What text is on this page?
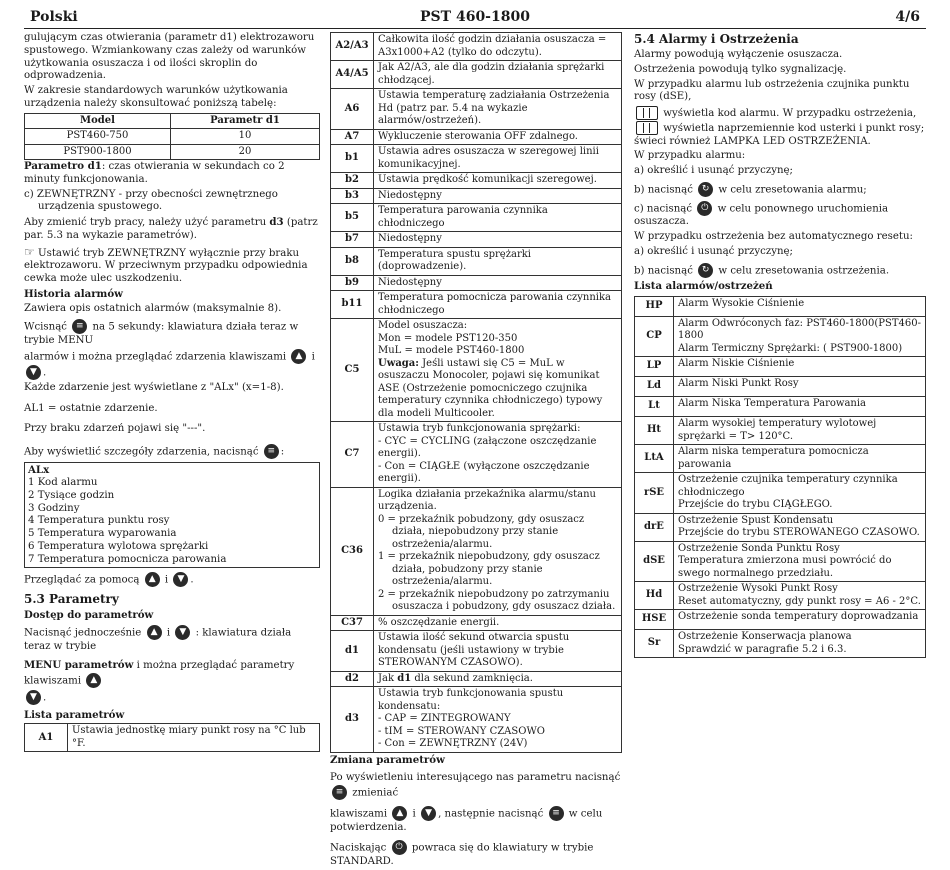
Polski	PST 460-1800	4/6

gulującym czas otwierania (parametr d1) elektrozaworu spustowego. Wzmiankowany czas zależy od warunków użytkowania osuszacza i od ilości skroplin do odprowadzenia.

W zakresie standardowych warunków użytkowania urządzenia należy skonsultować poniższą tabelę:

Model	Parametr d1
PST460-750	10
PST900-1800	20

Parametro d1: czas otwierania w sekundach co 2 minuty funkcjonowania.

c) ZEWNĘTRZNY - przy obecności zewnętrznego urządzenia spustowego.

Aby zmienić tryb pracy, należy użyć parametru d3 (patrz par. 5.3 na wykazie parametrów).

☞ Ustawić tryb ZEWNĘTRZNY wyłącznie przy braku elektrozaworu. W przeciwnym przypadku odpowiednia cewka może ulec uszkodzeniu.

Historia alarmów

Zawiera opis ostatnich alarmów (maksymalnie 8).

Wcisnąć ≡ na 5 sekundy: klawiatura działa teraz w trybie MENU

alarmów i można przeglądać zdarzenia klawiszami ▲ i ▼ .

Każde zdarzenie jest wyświetlane z "ALx" (x=1-8).

AL1 = ostatnie zdarzenie.

Przy braku zdarzeń pojawi się "---".

Aby wyświetlić szczegóły zdarzenia, nacisnąć ≡ :

ALx
1 Kod alarmu
2 Tysiące godzin
3 Godziny
4 Temperatura punktu rosy
5 Temperatura wyparowania
6 Temperatura wylotowa sprężarki
7 Temperatura pomocnicza parowania

Przeglądać za pomocą ▲ i ▼ .

5.3 Parametry

Dostęp do parametrów

Nacisnąć jednocześnie ▲ i ▼ : klawiatura działa teraz w trybie

MENU parametrów i można przeglądać parametry klawiszami ▲

▼ .

Lista parametrów

A1	Ustawia jednostkę miary punkt rosy na °C lub °F.
A2/A3	Całkowita ilość godzin działania osuszacza = A3x1000+A2 (tylko do odczytu).
A4/A5	Jak A2/A3, ale dla godzin działania sprężarki chłodzącej.
A6	Ustawia temperaturę zadziałania Ostrzeżenia Hd (patrz par. 5.4 na wykazie alarmów/ostrzeżeń).
A7	Wykluczenie sterowania OFF zdalnego.
b1	Ustawia adres osuszacza w szeregowej linii komunikacyjnej.
b2	Ustawia prędkość komunikacji szeregowej.
b3	Niedostępny
b5	Temperatura parowania czynnika chłodniczego
b7	Niedostępny
b8	Temperatura spustu sprężarki (doprowadzenie).
b9	Niedostępny
b11	Temperatura pomocnicza parowania czynnika chłodniczego
C5	Model osuszacza:
Mon = modele PST120-350
MuL = modele PST460-1800
Uwaga: Jeśli ustawi się C5 = MuL w osuszaczu Monocoler, pojawi się komunikat ASE (Ostrzeżenie pomocniczego czujnika temperatury czynnika chłodniczego) typowy dla modeli Multicooler.

C7	Ustawia tryb funkcjonowania sprężarki:
- CYC = CYCLING (załączone oszczędzanie energii).
- Con = CIĄGŁE (wyłączone oszczędzanie energii).

C36	Logika działania przekaźnika alarmu/stanu urządzenia.
0 = przekaźnik pobudzony, gdy osuszacz działa, niepobudzony przy stanie ostrzeżenia/alarmu.
1 = przekaźnik niepobudzony, gdy osuszacz działa, pobudzony przy stanie ostrzeżenia/alarmu.
2 = przekaźnik niepobudzony po zatrzymaniu osuszacza i pobudzony, gdy osuszacz działa.

C37	% oszczędzanie energii.
d1	Ustawia ilość sekund otwarcia spustu kondensatu (jeśli ustawiony w trybie STEROWANYM CZASOWO).
d2	Jak d1 dla sekund zamknięcia.
d3	Ustawia tryb funkcjonowania spustu kondensatu:
- CAP = ZINTEGROWANY
- tIM = STEROWANY CZASOWO
- Con = ZEWNĘTRZNY (24V)

Zmiana parametrów

Po wyświetleniu interesującego nas parametru nacisnąć ≡ zmieniać

klawiszami ▲ i ▼ , następnie nacisnąć ≡ w celu potwierdzenia.

Naciskając ⏻ powraca się do klawiatury w trybie STANDARD.

5.4 Alarmy i Ostrzeżenia

Alarmy powodują wyłączenie osuszacza.

Ostrzeżenia powodują tylko sygnalizację.

W przypadku alarmu lub ostrzeżenia czujnika punktu rosy (dSE),

wyświetla kod alarmu. W przypadku ostrzeżenia,  wyświetla naprzemiennie kod usterki i punkt rosy; świeci również LAMPKA LED OSTRZEŻENIA.

W przypadku alarmu:

a) określić i usunąć przyczynę;

b) nacisnąć ↻ w celu zresetowania alarmu;

c) nacisnąć ⏻ w celu ponownego uruchomienia osuszacza.

W przypadku ostrzeżenia bez automatycznego resetu:

a) określić i usunąć przyczynę;

b) nacisnąć ↻ w celu zresetowania ostrzeżenia.

Lista alarmów/ostrzeżeń

HP	Alarm Wysokie Ciśnienie

CP	Alarm Odwróconych faz: PST460-1800(PST460-1800
Alarm Termiczny Sprężarki: ( PST900-1800)

LP	Alarm Niskie Ciśnienie

Ld	Alarm Niski Punkt Rosy

Lt	Alarm Niska Temperatura Parowania

Ht	Alarm wysokiej temperatury wylotowej sprężarki = T> 120°C.

LtA	Alarm niska temperatura pomocnicza parowania

rSE	Ostrzeżenie czujnika temperatury czynnika chłodniczego
Przejście do trybu CIĄGŁEGO.

drE	Ostrzeżenie Spust Kondensatu
Przejście do trybu STEROWANEGO CZASOWO.

dSE	Ostrzeżenie Sonda Punktu Rosy
Temperatura zmierzona musi powrócić do swego normalnego przedziału.

Hd	Ostrzeżenie Wysoki Punkt Rosy
Reset automatyczny, gdy punkt rosy = A6 - 2°C.

HSE	Ostrzeżenie sonda temperatury doprowadzania

Sr	Ostrzeżenie Konserwacja planowa
Sprawdzić w paragrafie 5.2 i 6.3.
